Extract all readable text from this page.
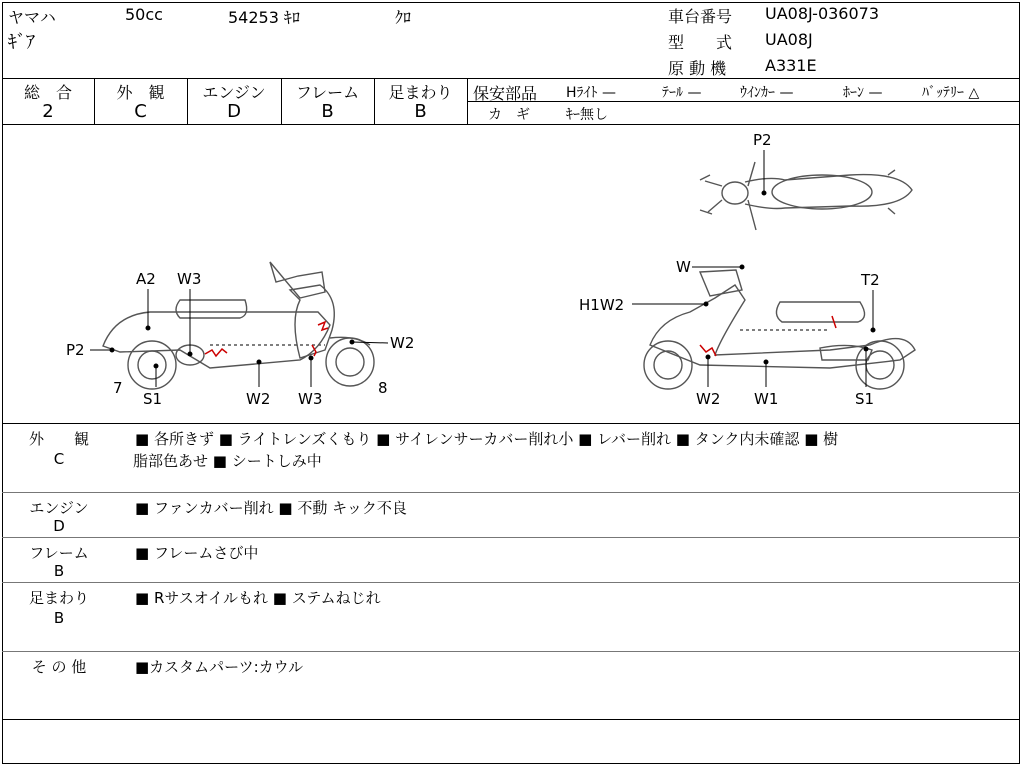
ヤマハ	50cc	54253 ｷﾛ	ｸﾛ
ｷﾞｱ
車台番号 UA08J-036073
型　　式 UA08J
原 動 機 A331E
総　合
2
外　観
C
エンジン
D
フレーム
B
足まわり
B
保安部品 Hﾗｲﾄ —	ﾃｰﾙ —	ｳｲﾝｶｰ —	ﾎｰﾝ —	ﾊﾞｯﾃﾘｰ △
カ　ギ	ｷｰ無し
A2 W3
P2
7
S1	W2 W3
W2
8
P2
W
H1W2
T2
W2 W1	S1
外　　観
C
■ 各所きず ■ ライトレンズくもり ■ サイレンサーカバー削れ小 ■ レバー削れ ■ タンク内未確認 ■ 樹
脂部色あせ ■ シートしみ中
エンジン
D
■ ファンカバー削れ ■ 不動 キック不良
フレーム
B
■ フレームさび中
足まわり
B
■ Rサスオイルもれ ■ ステムねじれ
そ の 他	■カスタムパーツ:カウル
